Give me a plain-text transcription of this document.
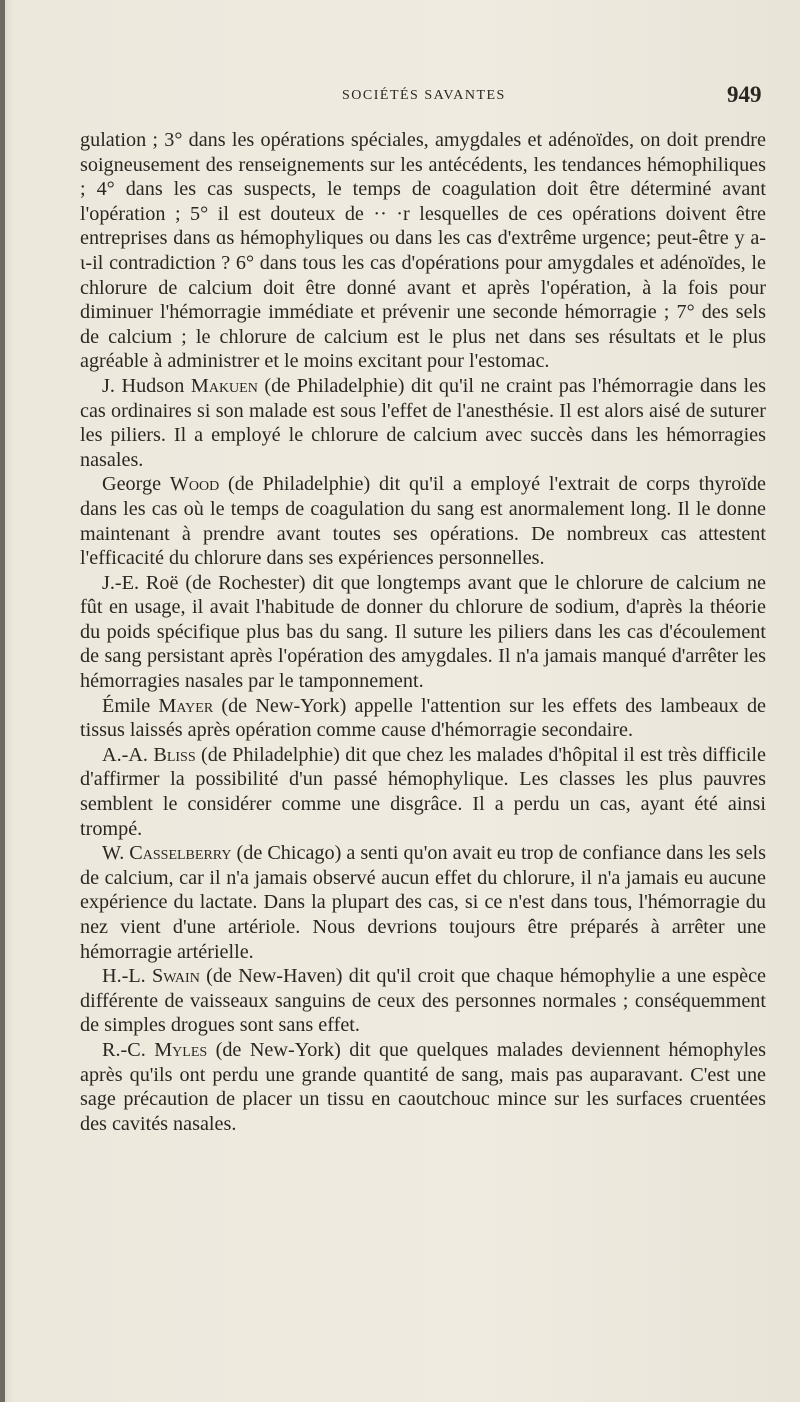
SOCIÉTÉS SAVANTES	949

gulation ; 3° dans les opérations spéciales, amygdales et adénoïdes, on doit prendre soigneusement des renseignements sur les antécédents, les tendances hémophiliques ; 4° dans les cas suspects, le temps de coagulation doit être déterminé avant l'opération ; 5° il est douteux de ·· ·r lesquelles de ces opérations doivent être entreprises dans ɑs hémophyliques ou dans les cas d'extrême urgence; peut-être y a-ι-il contradiction ? 6° dans tous les cas d'opérations pour amygdales et adénoïdes, le chlorure de calcium doit être donné avant et après l'opération, à la fois pour diminuer l'hémorragie immédiate et prévenir une seconde hémorragie ; 7° des sels de calcium ; le chlorure de calcium est le plus net dans ses résultats et le plus agréable à administrer et le moins excitant pour l'estomac.

J. Hudson Makuen (de Philadelphie) dit qu'il ne craint pas l'hémorragie dans les cas ordinaires si son malade est sous l'effet de l'anesthésie. Il est alors aisé de suturer les piliers. Il a employé le chlorure de calcium avec succès dans les hémorragies nasales.

George Wood (de Philadelphie) dit qu'il a employé l'extrait de corps thyroïde dans les cas où le temps de coagulation du sang est anormalement long. Il le donne maintenant à prendre avant toutes ses opérations. De nombreux cas attestent l'efficacité du chlorure dans ses expériences personnelles.

J.-E. Roë (de Rochester) dit que longtemps avant que le chlorure de calcium ne fût en usage, il avait l'habitude de donner du chlorure de sodium, d'après la théorie du poids spécifique plus bas du sang. Il suture les piliers dans les cas d'écoulement de sang persistant après l'opération des amygdales. Il n'a jamais manqué d'arrêter les hémorragies nasales par le tamponnement.

Émile Mayer (de New-York) appelle l'attention sur les effets des lambeaux de tissus laissés après opération comme cause d'hémorragie secondaire.

A.-A. Bliss (de Philadelphie) dit que chez les malades d'hôpital il est très difficile d'affirmer la possibilité d'un passé hémophylique. Les classes les plus pauvres semblent le considérer comme une disgrâce. Il a perdu un cas, ayant été ainsi trompé.

W. Casselberry (de Chicago) a senti qu'on avait eu trop de confiance dans les sels de calcium, car il n'a jamais observé aucun effet du chlorure, il n'a jamais eu aucune expérience du lactate. Dans la plupart des cas, si ce n'est dans tous, l'hémorragie du nez vient d'une artériole. Nous devrions toujours être préparés à arrêter une hémorragie artérielle.

H.-L. Swain (de New-Haven) dit qu'il croit que chaque hémophylie a une espèce différente de vaisseaux sanguins de ceux des personnes normales ; conséquemment de simples drogues sont sans effet.

R.-C. Myles (de New-York) dit que quelques malades deviennent hémophyles après qu'ils ont perdu une grande quantité de sang, mais pas auparavant. C'est une sage précaution de placer un tissu en caoutchouc mince sur les surfaces cruentées des cavités nasales.
